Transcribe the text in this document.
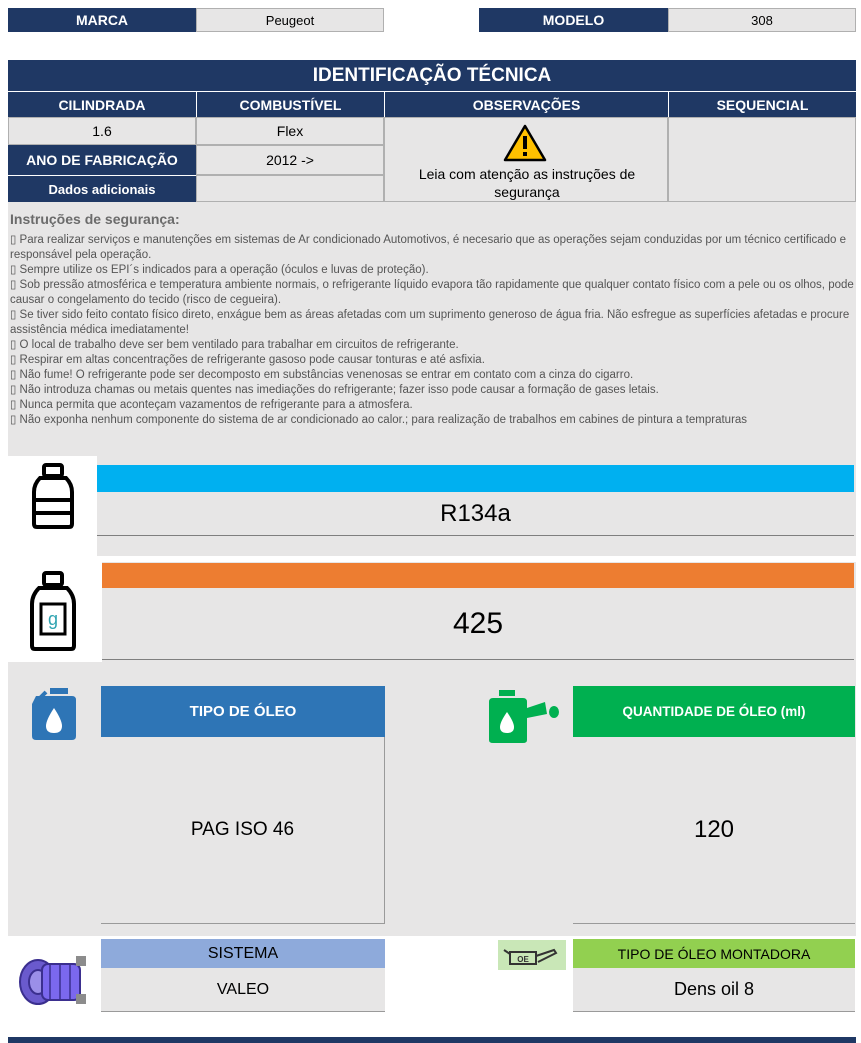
MARCA	Peugeot	MODELO	308
IDENTIFICAÇÃO TÉCNICA
CILINDRADA	COMBUSTÍVEL	OBSERVAÇÕES	SEQUENCIAL
1.6	Flex
ANO DE FABRICAÇÃO	2012 ->
Dados adicionais
Leia com atenção as instruções de segurança
Instruções de segurança:
▯ Para realizar serviços e manutenções em sistemas de Ar condicionado Automotivos, é necesario que as operações sejam conduzidas por um técnico certificado e responsável pela operação.
▯ Sempre utilize os EPI´s indicados para a operação (óculos e luvas de proteção).
▯ Sob pressão atmosférica e temperatura ambiente normais, o refrigerante líquido evapora tão rapidamente que qualquer contato físico com a pele ou os olhos, pode causar o congelamento do tecido (risco de cegueira).
▯ Se tiver sido feito contato físico direto, enxágue bem as áreas afetadas com um suprimento generoso de água fria. Não esfregue as superfícies afetadas e procure assistência médica imediatamente!
▯ O local de trabalho deve ser bem ventilado para trabalhar em circuitos de refrigerante.
▯ Respirar em altas concentrações de refrigerante gasoso pode causar tonturas e até asfixia.
▯ Não fume! O refrigerante pode ser decomposto em substâncias venenosas se entrar em contato com a cinza do cigarro.
▯ Não introduza chamas ou metais quentes nas imediações do refrigerante; fazer isso pode causar a formação de gases letais.
▯ Nunca permita que aconteçam vazamentos de refrigerante para a atmosfera.
▯ Não exponha nenhum componente do sistema de ar condicionado ao calor.; para realização de trabalhos em cabines de pintura a tempraturas
R134a
g	425
TIPO DE ÓLEO
PAG ISO 46
QUANTIDADE DE ÓLEO (ml)
120
SISTEMA
VALEO
OE	TIPO DE ÓLEO MONTADORA
Dens oil 8
